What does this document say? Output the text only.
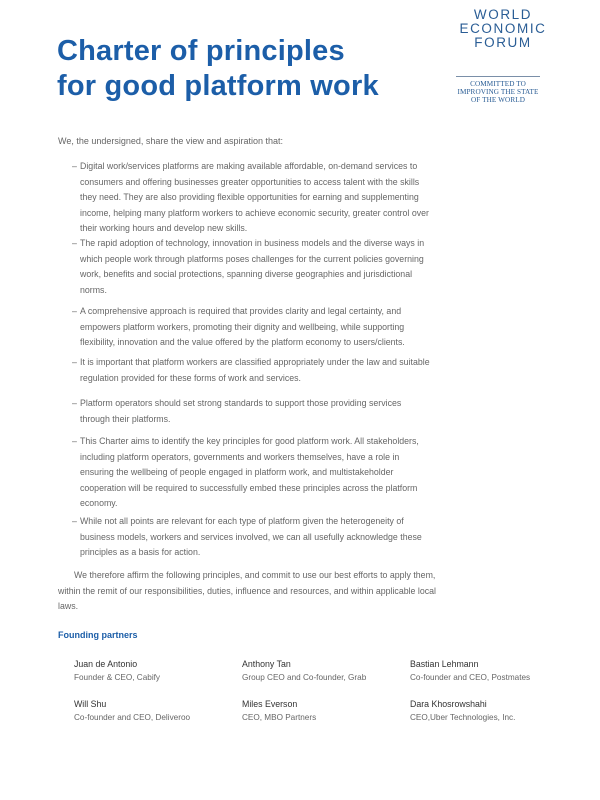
Charter of principles
for good platform work
WORLD
ECONOMIC
FORUM
COMMITTED TO
IMPROVING THE STATE
OF THE WORLD

We, the undersigned, share the view and aspiration that:

– Digital work/services platforms are making available affordable, on-demand services to consumers and offering businesses greater opportunities to access talent with the skills they need. They are also providing flexible opportunities for earning and supplementing income, helping many platform workers to achieve economic security, greater control over their working hours and develop new skills.
– The rapid adoption of technology, innovation in business models and the diverse ways in which people work through platforms poses challenges for the current policies governing work, benefits and social protections, spanning diverse geographies and jurisdictional norms.
– A comprehensive approach is required that provides clarity and legal certainty, and empowers platform workers, promoting their dignity and wellbeing, while supporting flexibility, innovation and the value offered by the platform economy to users/clients.
– It is important that platform workers are classified appropriately under the law and suitable regulation provided for these forms of work and services.
– Platform operators should set strong standards to support those providing services through their platforms.
– This Charter aims to identify the key principles for good platform work. All stakeholders, including platform operators, governments and workers themselves, have a role in ensuring the wellbeing of people engaged in platform work, and multistakeholder cooperation will be required to successfully embed these principles across the platform economy.
– While not all points are relevant for each type of platform given the heterogeneity of business models, workers and services involved, we can all usefully acknowledge these principles as a basis for action.

We therefore affirm the following principles, and commit to use our best efforts to apply them, within the remit of our responsibilities, duties, influence and resources, and within applicable local laws.

Founding partners
Juan de Antonio
Founder & CEO, Cabify
Anthony Tan
Group CEO and Co-founder, Grab
Bastian Lehmann
Co-founder and CEO, Postmates
Will Shu
Co-founder and CEO, Deliveroo
Miles Everson
CEO, MBO Partners
Dara Khosrowshahi
CEO,Uber Technologies, Inc.
